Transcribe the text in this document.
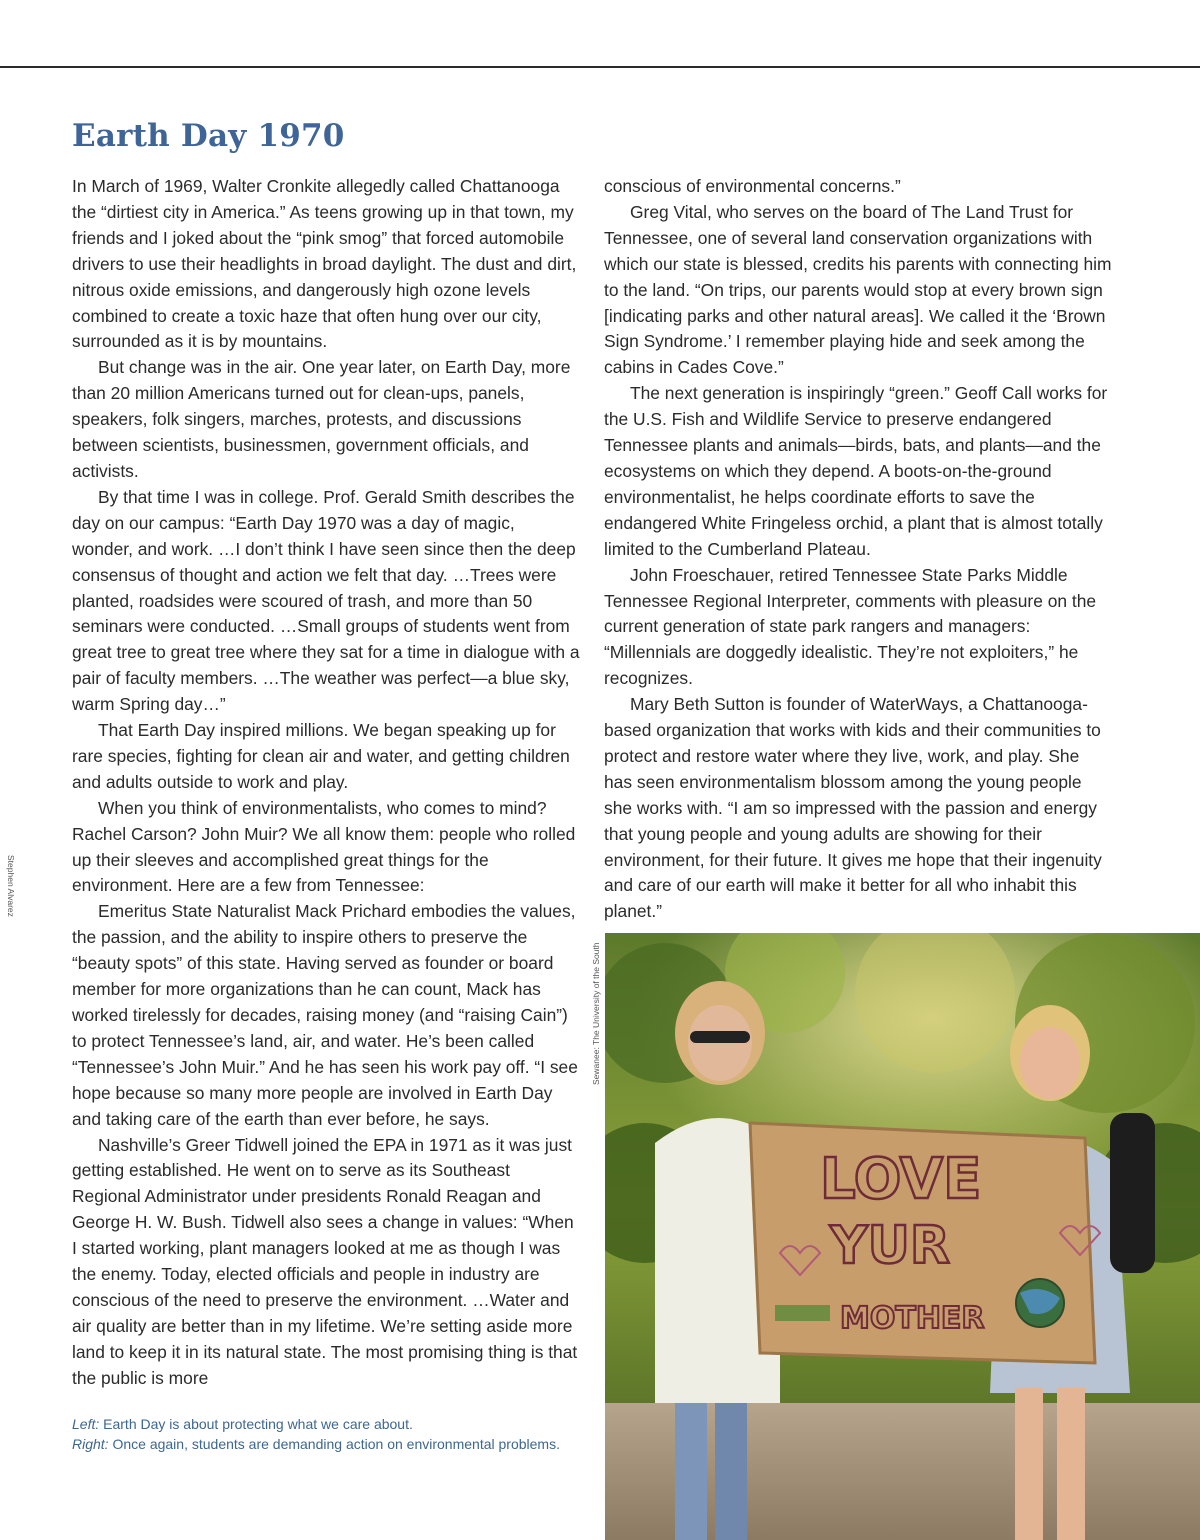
Earth Day 1970

In March of 1969, Walter Cronkite allegedly called Chattanooga the “dirtiest city in America.” As teens growing up in that town, my friends and I joked about the “pink smog” that forced automobile drivers to use their headlights in broad daylight. The dust and dirt, nitrous oxide emissions, and dangerously high ozone levels combined to create a toxic haze that often hung over our city, surrounded as it is by mountains.

But change was in the air. One year later, on Earth Day, more than 20 million Americans turned out for clean-ups, panels, speakers, folk singers, marches, protests, and discussions between scientists, businessmen, government officials, and activists.

By that time I was in college. Prof. Gerald Smith describes the day on our campus: “Earth Day 1970 was a day of magic, wonder, and work. …I don’t think I have seen since then the deep consensus of thought and action we felt that day. …Trees were planted, roadsides were scoured of trash, and more than 50 seminars were conducted. …Small groups of students went from great tree to great tree where they sat for a time in dialogue with a pair of faculty members. …The weather was perfect—a blue sky, warm Spring day…”

That Earth Day inspired millions. We began speaking up for rare species, fighting for clean air and water, and getting children and adults outside to work and play.

When you think of environmentalists, who comes to mind? Rachel Carson? John Muir? We all know them: people who rolled up their sleeves and accomplished great things for the environment. Here are a few from Tennessee:

Emeritus State Naturalist Mack Prichard embodies the values, the passion, and the ability to inspire others to preserve the “beauty spots” of this state. Having served as founder or board member for more organizations than he can count, Mack has worked tirelessly for decades, raising money (and “raising Cain”) to protect Tennessee’s land, air, and water. He’s been called “Tennessee’s John Muir.” And he has seen his work pay off. “I see hope because so many more people are involved in Earth Day and taking care of the earth than ever before, he says.

Nashville’s Greer Tidwell joined the EPA in 1971 as it was just getting established. He went on to serve as its Southeast Regional Administrator under presidents Ronald Reagan and George H. W. Bush. Tidwell also sees a change in values: “When I started working, plant managers looked at me as though I was the enemy. Today, elected officials and people in industry are conscious of the need to preserve the environment. …Water and air quality are better than in my lifetime. We’re setting aside more land to keep it in its natural state. The most promising thing is that the public is more

conscious of environmental concerns.”

Greg Vital, who serves on the board of The Land Trust for Tennessee, one of several land conservation organizations with which our state is blessed, credits his parents with connecting him to the land. “On trips, our parents would stop at every brown sign [indicating parks and other natural areas]. We called it the ‘Brown Sign Syndrome.’ I remember playing hide and seek among the cabins in Cades Cove.”

The next generation is inspiringly “green.” Geoff Call works for the U.S. Fish and Wildlife Service to preserve endangered Tennessee plants and animals—birds, bats, and plants—and the ecosystems on which they depend. A boots-on-the-ground environmentalist, he helps coordinate efforts to save the endangered White Fringeless orchid, a plant that is almost totally limited to the Cumberland Plateau.

John Froeschauer, retired Tennessee State Parks Middle Tennessee Regional Interpreter, comments with pleasure on the current generation of state park rangers and managers: “Millennials are doggedly idealistic. They’re not exploiters,” he recognizes.

Mary Beth Sutton is founder of WaterWays, a Chattanooga-based organization that works with kids and their communities to protect and restore water where they live, work, and play. She has seen environmentalism blossom among the young people she works with. “I am so impressed with the passion and energy that young people and young adults are showing for their environment, for their future. It gives me hope that their ingenuity and care of our earth will make it better for all who inhabit this planet.”

Left: Earth Day is about protecting what we care about.
Right: Once again, students are demanding action on environmental problems.
Stephen Alvarez
Sewanee: The University of the South
LOVE
YUR
MOTHER
